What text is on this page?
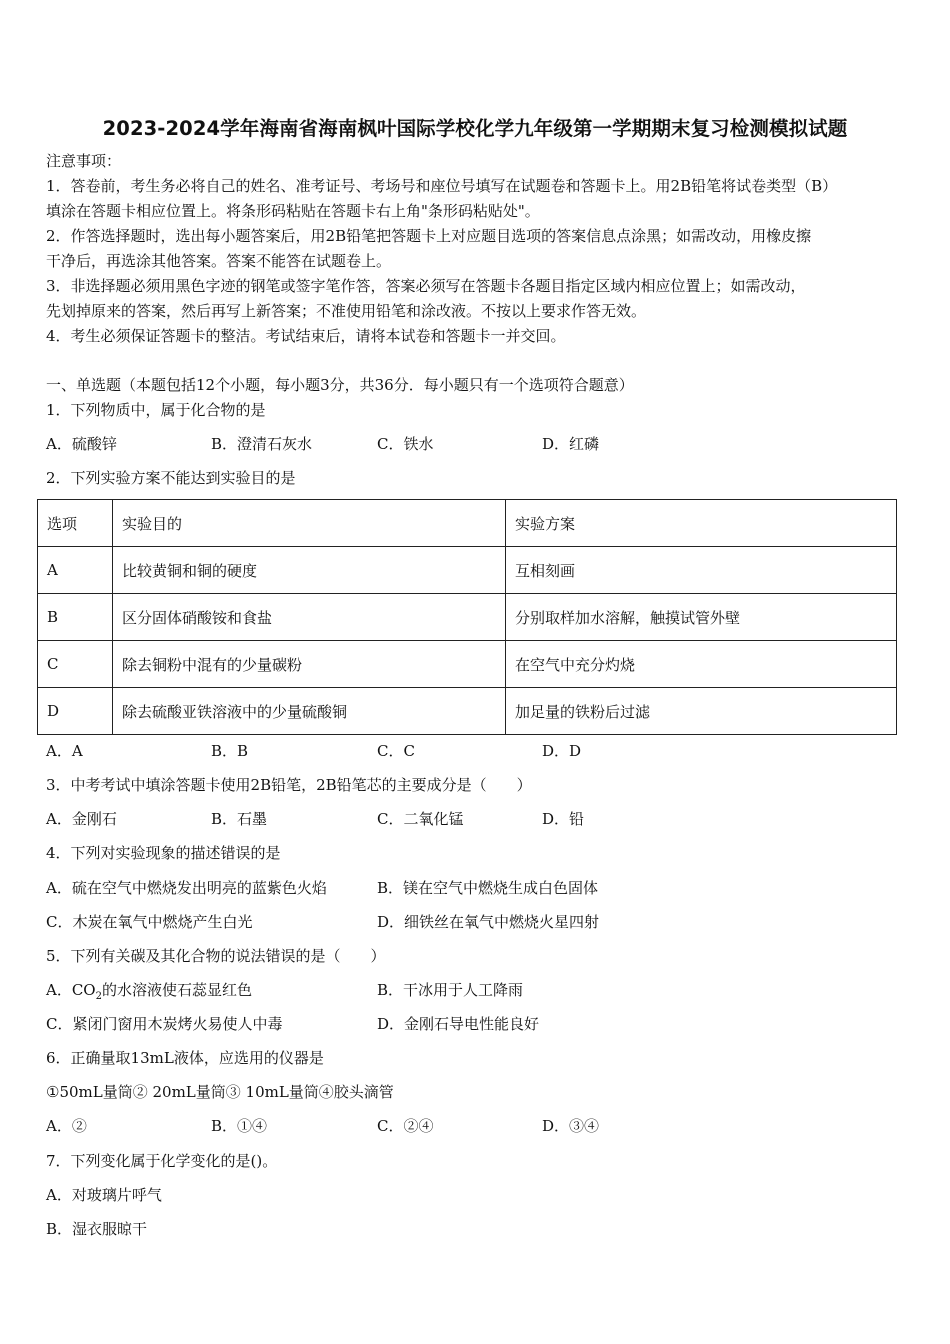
2023-2024学年海南省海南枫叶国际学校化学九年级第一学期期末复习检测模拟试题
注意事项：
1．答卷前，考生务必将自己的姓名、准考证号、考场号和座位号填写在试题卷和答题卡上。用2B铅笔将试卷类型（B）
填涂在答题卡相应位置上。将条形码粘贴在答题卡右上角"条形码粘贴处"。
2．作答选择题时，选出每小题答案后，用2B铅笔把答题卡上对应题目选项的答案信息点涂黑；如需改动，用橡皮擦
干净后，再选涂其他答案。答案不能答在试题卷上。
3．非选择题必须用黑色字迹的钢笔或签字笔作答，答案必须写在答题卡各题目指定区域内相应位置上；如需改动，
先划掉原来的答案，然后再写上新答案；不准使用铅笔和涂改液。不按以上要求作答无效。
4．考生必须保证答题卡的整洁。考试结束后，请将本试卷和答题卡一并交回。
一、单选题（本题包括12个小题，每小题3分，共36分．每小题只有一个选项符合题意）
1．下列物质中，属于化合物的是
A．硫酸锌	B．澄清石灰水	C．铁水	D．红磷
2．下列实验方案不能达到实验目的是
选项	实验目的	实验方案
A	比较黄铜和铜的硬度	互相刻画
B	区分固体硝酸铵和食盐	分别取样加水溶解，触摸试管外壁
C	除去铜粉中混有的少量碳粉	在空气中充分灼烧
D	除去硫酸亚铁溶液中的少量硫酸铜	加足量的铁粉后过滤
A．A	B．B	C．C	D．D
3．中考考试中填涂答题卡使用2B铅笔，2B铅笔芯的主要成分是（　　）
A．金刚石	B．石墨	C．二氧化锰	D．铅
4．下列对实验现象的描述错误的是
A．硫在空气中燃烧发出明亮的蓝紫色火焰	B．镁在空气中燃烧生成白色固体
C．木炭在氧气中燃烧产生白光	D．细铁丝在氧气中燃烧火星四射
5．下列有关碳及其化合物的说法错误的是（　　）
A．$CO_2$的水溶液使石蕊显红色	B．干冰用于人工降雨
C．紧闭门窗用木炭烤火易使人中毒	D．金刚石导电性能良好
6．正确量取13mL液体，应选用的仪器是
①50mL量筒② 20mL量筒③ 10mL量筒④胶头滴管
A．②	B．①④	C．②④	D．③④
7．下列变化属于化学变化的是()。
A．对玻璃片呼气
B．湿衣服晾干
